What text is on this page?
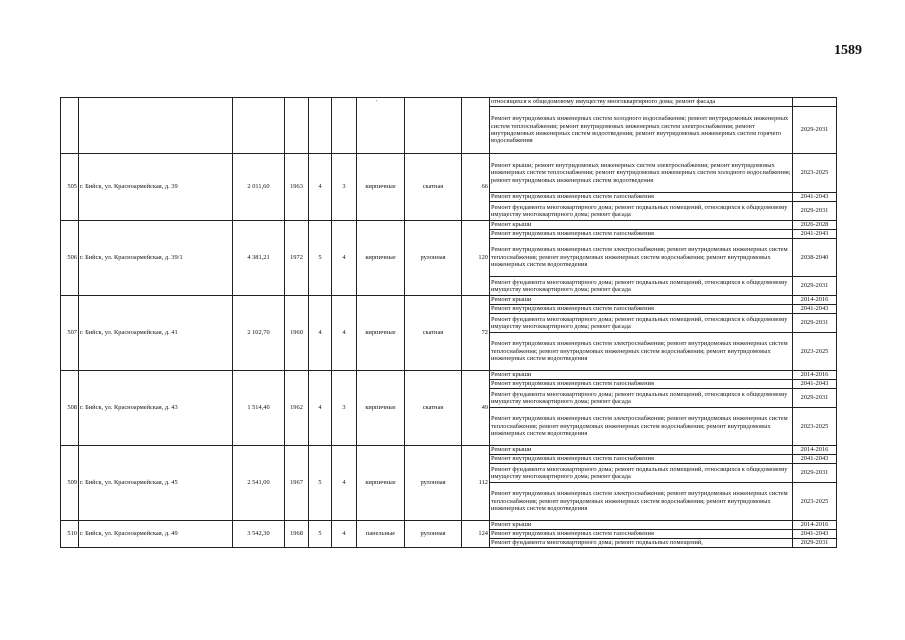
1589
'
										относящихся к общедомовому имуществу многоквартирного дома; ремонт фасада	
									Ремонт внутридомовых инженерных систем холодного водоснабжения; ремонт внутридомовых инженерных систем теплоснабжения; ремонт внутридомовых инженерных систем электроснабжения; ремонт внутридомовых инженерных систем водоотведения; ремонт внутридомовых инженерных систем горячего водоснабжения	2029-2031
505	г. Бийск, ул. Красноармейская, д. 39	2 011,60	1963	4	3	кирпичные	скатная	66	Ремонт крыши; ремонт внутридомовых инженерных систем электроснабжения; ремонт внутридомовых инженерных систем теплоснабжения; ремонт внутридомовых инженерных систем холодного водоснабжения; ремонт внутридомовых инженерных систем водоотведения	2023-2025
									Ремонт внутридомовых инженерных систем газоснабжения	2041-2043
									Ремонт фундамента многоквартирного дома; ремонт подвальных помещений, относящихся к общедомовому имуществу многоквартирного дома; ремонт фасада	2029-2031
506	г. Бийск, ул. Красноармейская, д. 39/1	4 381,21	1972	5	4	кирпичные	рулонная	120	Ремонт крыши	2026-2028
									Ремонт внутридомовых инженерных систем газоснабжения	2041-2043
									Ремонт внутридомовых инженерных систем электроснабжения; ремонт внутридомовых инженерных систем теплоснабжения; ремонт внутридомовых инженерных систем водоснабжения; ремонт внутридомовых инженерных систем водоотведения	2038-2040
									Ремонт фундамента многоквартирного дома; ремонт подвальных помещений, относящихся к общедомовому имуществу многоквартирного дома; ремонт фасада	2029-2031
507	г. Бийск, ул. Красноармейская, д. 41	2 102,70	1960	4	4	кирпичные	скатная	72	Ремонт крыши	2014-2016
									Ремонт внутридомовых инженерных систем газоснабжения	2041-2043
									Ремонт фундамента многоквартирного дома; ремонт подвальных помещений, относящихся к общедомовому имуществу многоквартирного дома; ремонт фасада	2029-2031
									Ремонт внутридомовых инженерных систем электроснабжения; ремонт внутридомовых инженерных систем теплоснабжения; ремонт внутридомовых инженерных систем водоснабжения; ремонт внутридомовых инженерных систем водоотведения	2023-2025
508	г. Бийск, ул. Красноармейская, д. 43	1 514,40	1962	4	3	кирпичные	скатная	49	Ремонт крыши	2014-2016
									Ремонт внутридомовых инженерных систем газоснабжения	2041-2043
									Ремонт фундамента многоквартирного дома; ремонт подвальных помещений, относящихся к общедомовому имуществу многоквартирного дома; ремонт фасада	2029-2031
									Ремонт внутридомовых инженерных систем электроснабжения; ремонт внутридомовых инженерных систем теплоснабжения; ремонт внутридомовых инженерных систем водоснабжения; ремонт внутридомовых инженерных систем водоотведения	2023-2025
509	г. Бийск, ул. Красноармейская, д. 45	2 541,00	1967	5	4	кирпичные	рулонная	112	Ремонт крыши	2014-2016
									Ремонт внутридомовых инженерных систем газоснабжения	2041-2043
									Ремонт фундамента многоквартирного дома; ремонт подвальных помещений, относящихся к общедомовому имуществу многоквартирного дома; ремонт фасада	2029-2031
									Ремонт внутридомовых инженерных систем электроснабжения; ремонт внутридомовых инженерных систем теплоснабжения; ремонт внутридомовых инженерных систем водоснабжения; ремонт внутридомовых инженерных систем водоотведения	2023-2025
510	г. Бийск, ул. Красноармейская, д. 49	3 542,30	1968	5	4	панельные	рулонная	124	Ремонт крыши	2014-2016
									Ремонт внутридомовых инженерных систем газоснабжения	2041-2043
									Ремонт фундамента многоквартирного дома; ремонт подвальных помещений,	2029-2031
